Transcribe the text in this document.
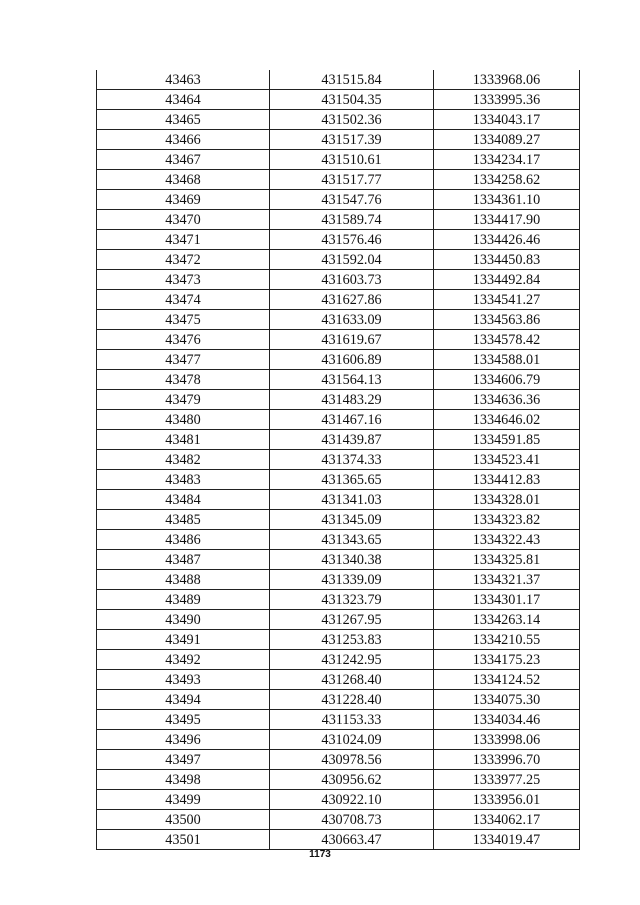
43463	431515.84	1333968.06
43464	431504.35	1333995.36
43465	431502.36	1334043.17
43466	431517.39	1334089.27
43467	431510.61	1334234.17
43468	431517.77	1334258.62
43469	431547.76	1334361.10
43470	431589.74	1334417.90
43471	431576.46	1334426.46
43472	431592.04	1334450.83
43473	431603.73	1334492.84
43474	431627.86	1334541.27
43475	431633.09	1334563.86
43476	431619.67	1334578.42
43477	431606.89	1334588.01
43478	431564.13	1334606.79
43479	431483.29	1334636.36
43480	431467.16	1334646.02
43481	431439.87	1334591.85
43482	431374.33	1334523.41
43483	431365.65	1334412.83
43484	431341.03	1334328.01
43485	431345.09	1334323.82
43486	431343.65	1334322.43
43487	431340.38	1334325.81
43488	431339.09	1334321.37
43489	431323.79	1334301.17
43490	431267.95	1334263.14
43491	431253.83	1334210.55
43492	431242.95	1334175.23
43493	431268.40	1334124.52
43494	431228.40	1334075.30
43495	431153.33	1334034.46
43496	431024.09	1333998.06
43497	430978.56	1333996.70
43498	430956.62	1333977.25
43499	430922.10	1333956.01
43500	430708.73	1334062.17
43501	430663.47	1334019.47
1173
